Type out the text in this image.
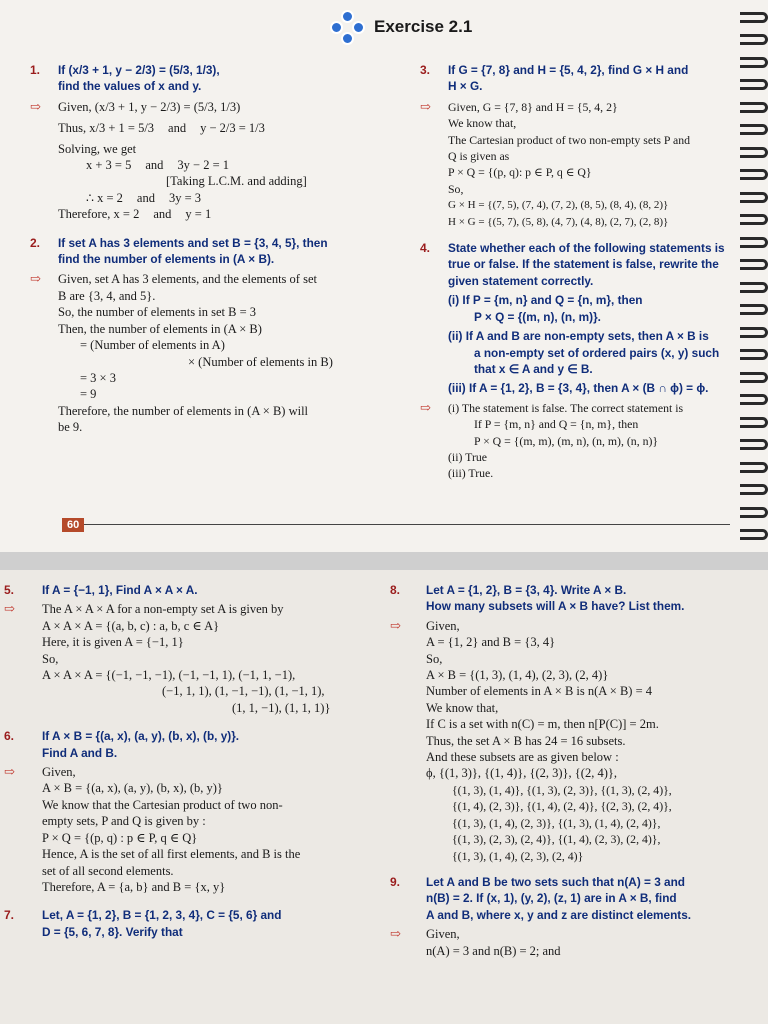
Exercise 2.1
1.	If (x/3 + 1, y − 2/3) = (5/3, 1/3),
find the values of x and y.
⇨	Given, (x/3 + 1, y − 2/3) = (5/3, 1/3)
Thus, x/3 + 1 = 5/3 and y − 2/3 = 1/3
Solving, we get
x + 3 = 5 and 3y − 2 = 1
[Taking L.C.M. and adding]
∴ x = 2 and 3y = 3
Therefore, x = 2 and y = 1
2.	If set A has 3 elements and set B = {3, 4, 5}, then
find the number of elements in (A × B).
⇨	Given, set A has 3 elements, and the elements of set
B are {3, 4, and 5}.
So, the number of elements in set B = 3
Then, the number of elements in (A × B)
= (Number of elements in A)
× (Number of elements in B)
= 3 × 3
= 9
Therefore, the number of elements in (A × B) will
be 9.
3.	If G = {7, 8} and H = {5, 4, 2}, find G × H and
H × G.
⇨	Given, G = {7, 8} and H = {5, 4, 2}
We know that,
The Cartesian product of two non-empty sets P and
Q is given as
P × Q = {(p, q): p ∈ P, q ∈ Q}
So,
G × H = {(7, 5), (7, 4), (7, 2), (8, 5), (8, 4), (8, 2)}
H × G = {(5, 7), (5, 8), (4, 7), (4, 8), (2, 7), (2, 8)}
4.	State whether each of the following statements is
true or false. If the statement is false, rewrite the
given statement correctly.
(i) If P = {m, n} and Q = {n, m}, then
P × Q = {(m, n), (n, m)}.
(ii) If A and B are non-empty sets, then A × B is
a non-empty set of ordered pairs (x, y) such
that x ∈ A and y ∈ B.
(iii) If A = {1, 2}, B = {3, 4}, then A × (B ∩ ϕ) = ϕ.
⇨	(i) The statement is false. The correct statement is
If P = {m, n} and Q = {n, m}, then
P × Q = {(m, m), (m, n), (n, m), (n, n)}
(ii) True
(iii) True.
60
5.	If A = {−1, 1}, Find A × A × A.
⇨	The A × A × A for a non-empty set A is given by
A × A × A = {(a, b, c) : a, b, c ∈ A}
Here, it is given A = {−1, 1}
So,
A × A × A = {(−1, −1, −1), (−1, −1, 1), (−1, 1, −1),
(−1, 1, 1), (1, −1, −1), (1, −1, 1),
(1, 1, −1), (1, 1, 1)}
6.	If A × B = {(a, x), (a, y), (b, x), (b, y)}.
Find A and B.
⇨	Given,
A × B = {(a, x), (a, y), (b, x), (b, y)}
We know that the Cartesian product of two non-
empty sets, P and Q is given by :
P × Q = {(p, q) : p ∈ P, q ∈ Q}
Hence, A is the set of all first elements, and B is the
set of all second elements.
Therefore, A = {a, b} and B = {x, y}
7.	Let, A = {1, 2}, B = {1, 2, 3, 4}, C = {5, 6} and
D = {5, 6, 7, 8}. Verify that
8.	Let A = {1, 2}, B = {3, 4}. Write A × B.
How many subsets will A × B have? List them.
⇨	Given,
A = {1, 2} and B = {3, 4}
So,
A × B = {(1, 3), (1, 4), (2, 3), (2, 4)}
Number of elements in A × B is n(A × B) = 4
We know that,
If C is a set with n(C) = m, then n[P(C)] = 2m.
Thus, the set A × B has 24 = 16 subsets.
And these subsets are as given below :
ϕ, {(1, 3)}, {(1, 4)}, {(2, 3)}, {(2, 4)},
{(1, 3), (1, 4)}, {(1, 3), (2, 3)}, {(1, 3), (2, 4)},
{(1, 4), (2, 3)}, {(1, 4), (2, 4)}, {(2, 3), (2, 4)},
{(1, 3), (1, 4), (2, 3)}, {(1, 3), (1, 4), (2, 4)},
{(1, 3), (2, 3), (2, 4)}, {(1, 4), (2, 3), (2, 4)},
{(1, 3), (1, 4), (2, 3), (2, 4)}
9.	Let A and B be two sets such that n(A) = 3 and
n(B) = 2. If (x, 1), (y, 2), (z, 1) are in A × B, find
A and B, where x, y and z are distinct elements.
⇨	Given,
n(A) = 3 and n(B) = 2; and
